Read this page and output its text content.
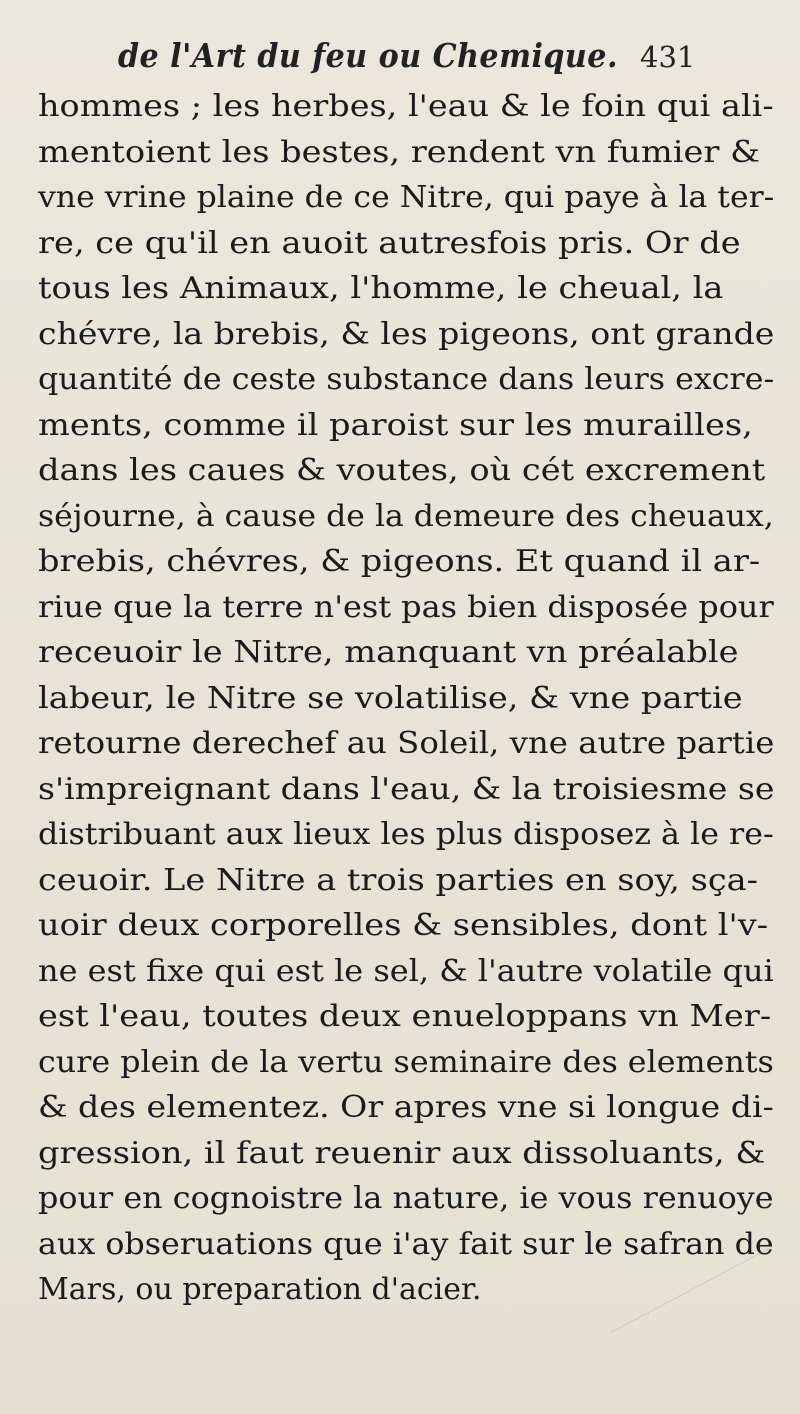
de l'Art du feu ou Chemique. 431
hommes ; les herbes, l'eau & le foin qui ali-
mentoient les bestes, rendent vn fumier &
vne vrine plaine de ce Nitre, qui paye à la ter-
re, ce qu'il en auoit autresfois pris. Or de
tous les Animaux, l'homme, le cheual, la
chévre, la brebis, & les pigeons, ont grande
quantité de ceste substance dans leurs excre-
ments, comme il paroist sur les murailles,
dans les caues & voutes, où cét excrement
séjourne, à cause de la demeure des cheuaux,
brebis, chévres, & pigeons. Et quand il ar-
riue que la terre n'est pas bien disposée pour
receuoir le Nitre, manquant vn préalable
labeur, le Nitre se volatilise, & vne partie
retourne derechef au Soleil, vne autre partie
s'impreignant dans l'eau, & la troisiesme se
distribuant aux lieux les plus disposez à le re-
ceuoir. Le Nitre a trois parties en soy, sça-
uoir deux corporelles & sensibles, dont l'v-
ne est fixe qui est le sel, & l'autre volatile qui
est l'eau, toutes deux enueloppans vn Mer-
cure plein de la vertu seminaire des elements
& des elementez. Or apres vne si longue di-
gression, il faut reuenir aux dissoluants, &
pour en cognoistre la nature, ie vous renuoye
aux obseruations que i'ay fait sur le safran de
Mars, ou preparation d'acier.
